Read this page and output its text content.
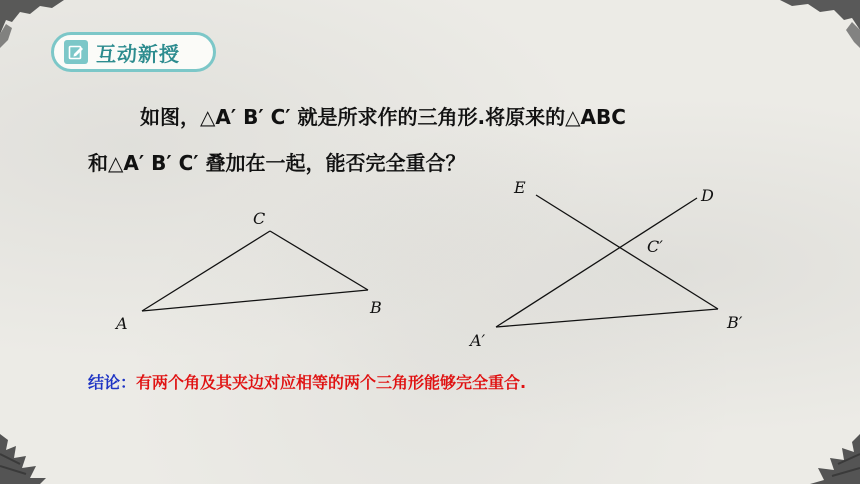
互动新授
如图，△A′ B′ C′ 就是所求作的三角形.将原来的△ABC
和△A′ B′ C′ 叠加在一起，能否完全重合？
A
B
C
E	D
C′
A′
B′
结论：有两个角及其夹边对应相等的两个三角形能够完全重合.
